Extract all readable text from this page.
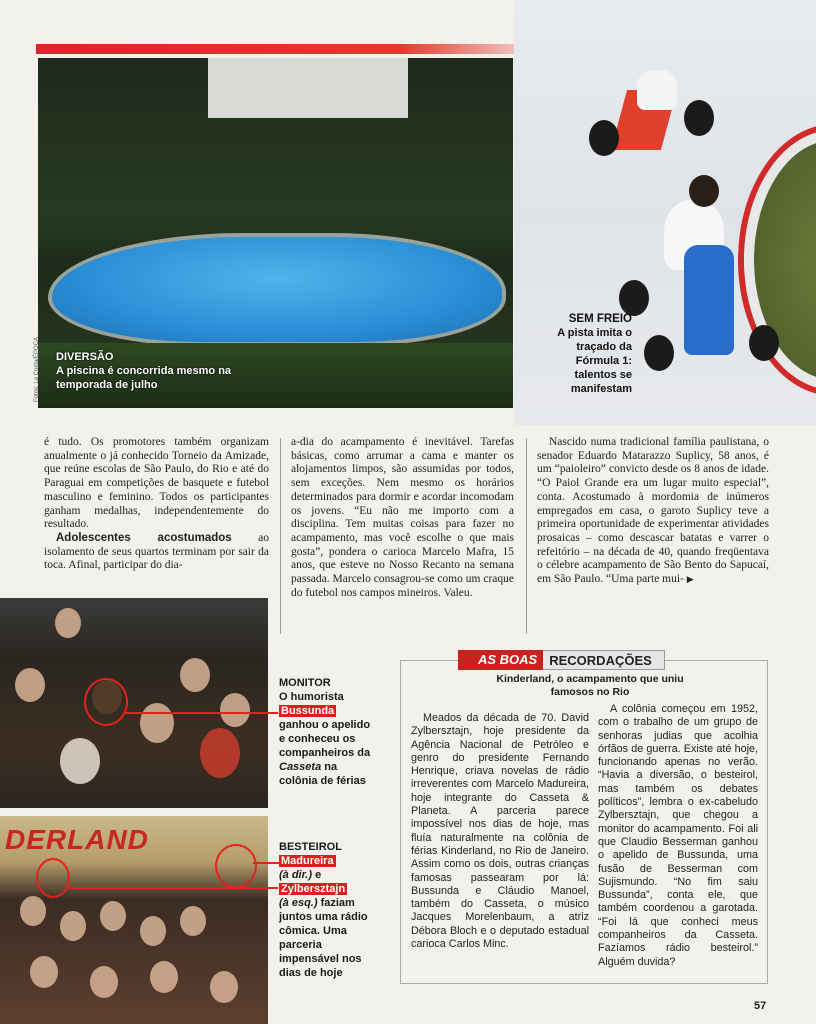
DIVERSÃO
A piscina é concorrida mesmo na temporada de julho
Fotos: La Costa/ÉPOCA
SEM FREIO
A pista imita o traçado da Fórmula 1: talentos se manifestam

é tudo. Os promotores também organizam anualmente o já conhecido Torneio da Amizade, que reúne escolas de São Paulo, do Rio e até do Paraguai em competições de basquete e futebol masculino e feminino. Todos os participantes ganham medalhas, independentemente do resultado.

Adolescentes acostumados ao isolamento de seus quartos terminam por sair da toca. Afinal, participar do dia-

a-dia do acampamento é inevitável. Tarefas básicas, como arrumar a cama e manter os alojamentos limpos, são assumidas por todos, sem exceções. Nem mesmo os horários determinados para dormir e acordar incomodam os jovens. “Eu não me importo com a disciplina. Tem muitas coisas para fazer no acampamento, mas você escolhe o que mais gosta”, pondera o carioca Marcelo Mafra, 15 anos, que esteve no Nosso Recanto na semana passada. Marcelo consagrou-se como um craque do futebol nos campos mineiros. Valeu.

Nascido numa tradicional família paulistana, o senador Eduardo Matarazzo Suplicy, 58 anos, é um “paioleiro” convicto desde os 8 anos de idade. “O Paiol Grande era um lugar muito especial”, conta. Acostumado à mordomia de inúmeros empregados em casa, o garoto Suplicy teve a primeira oportunidade de experimentar atividades prosaicas – como descascar batatas e varrer o refeitório – na década de 40, quando freqüentava o célebre acampamento de São Bento do Sapucaí, em São Paulo. “Uma parte mui- ▶

DERLAND
MONITOR
O humorista
Bussunda
ganhou o apelido e conheceu os companheiros da Casseta na colônia de férias
BESTEIROL
Madureira
(à dir.) e
Zylbersztajn
(à esq.) faziam juntos uma rádio cômica. Uma parceria impensável nos dias de hoje
AS BOAS RECORDAÇÕES
Kinderland, o acampamento que uniu famosos no Rio
Meados da década de 70. David Zylbersztajn, hoje presidente da Agência Nacional de Petróleo e genro do presidente Fernando Henrique, criava novelas de rádio irreverentes com Marcelo Madureira, hoje integrante do Casseta & Planeta. A parceria parece impossível nos dias de hoje, mas fluía naturalmente na colônia de férias Kinderland, no Rio de Janeiro. Assim como os dois, outras crianças famosas passearam por lá: Bussunda e Cláudio Manoel, também do Casseta, o músico Jacques Morelenbaum, a atriz Débora Bloch e o deputado estadual carioca Carlos Minc.
A colônia começou em 1952, com o trabalho de um grupo de senhoras judias que acolhia órfãos de guerra. Existe até hoje, funcionando apenas no verão. “Havia a diversão, o besteirol, mas também os debates políticos”, lembra o ex-cabeludo Zylbersztajn, que chegou a monitor do acampamento. Foi ali que Claudio Besserman ganhou o apelido de Bussunda, uma fusão de Besserman com Sujismundo. “No fim saiu Bussunda”, conta ele, que também coordenou a garotada. “Foi lá que conheci meus companheiros da Casseta. Fazíamos rádio besteirol.” Alguém duvida?
57
